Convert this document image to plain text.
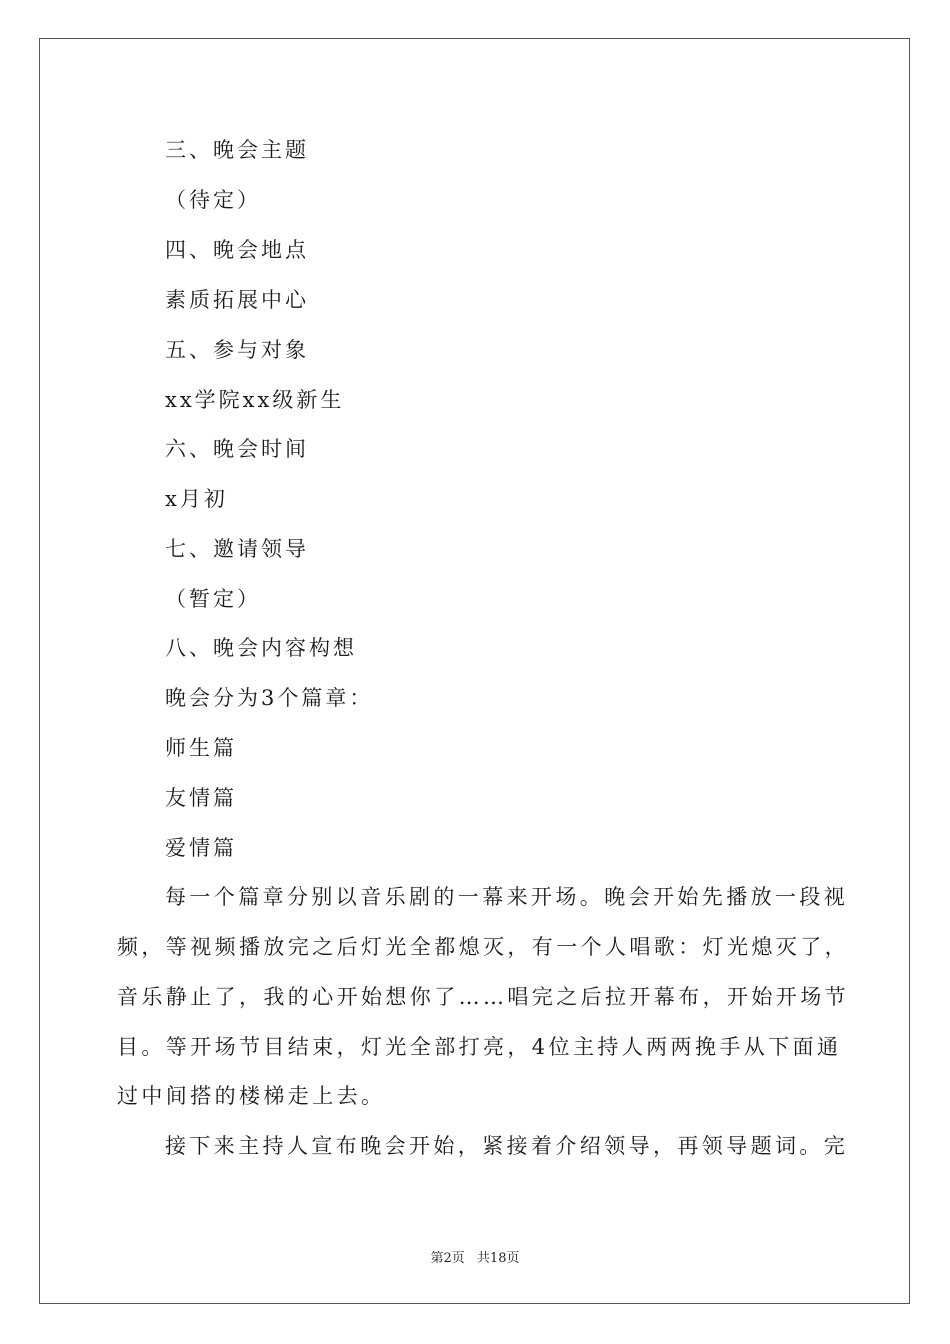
三、晚会主题
（待定）
四、晚会地点
素质拓展中心
五、参与对象
xx学院xx级新生
六、晚会时间
x月初
七、邀请领导
（暂定）
八、晚会内容构想
晚会分为3个篇章：
师生篇
友情篇
爱情篇
每一个篇章分别以音乐剧的一幕来开场。晚会开始先播放一段视
频，等视频播放完之后灯光全都熄灭，有一个人唱歌：灯光熄灭了，
音乐静止了，我的心开始想你了……唱完之后拉开幕布，开始开场节
目。等开场节目结束，灯光全部打亮，4位主持人两两挽手从下面通
过中间搭的楼梯走上去。
接下来主持人宣布晚会开始，紧接着介绍领导，再领导题词。完
第2页 共18页
